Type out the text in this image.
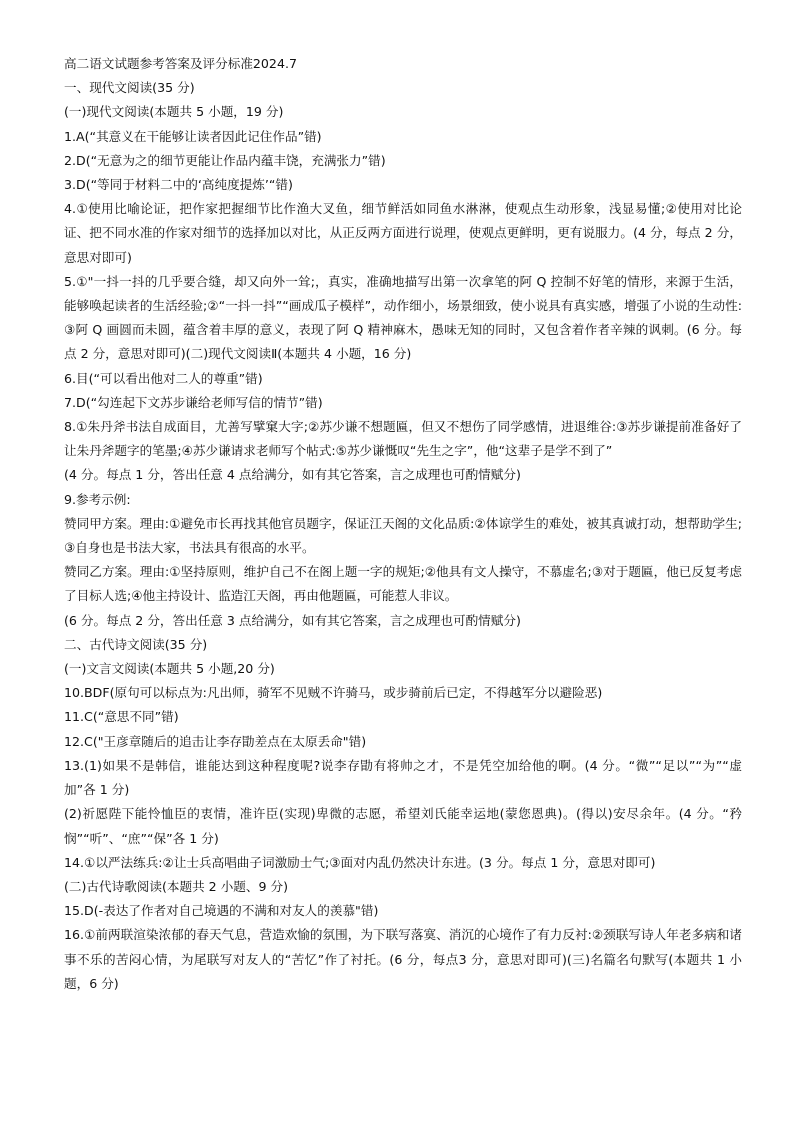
高二语文试题参考答案及评分标准2024.7
一、现代文阅读(35 分)
(一)现代文阅读(本题共 5 小题，19 分)
1.A(“其意义在干能够让读者因此记住作品”错)
2.D(“无意为之的细节更能让作品内蕴丰饶，充满张力”错)
3.D(“等同于材料二中的‘高纯度提炼’“错)
4.①使用比喻论证，把作家把握细节比作渔大叉鱼，细节鲜活如同鱼水淋淋，使观点生动形象，浅显易懂;②使用对比论证、把不同水准的作家对细节的选择加以对比，从正反两方面进行说理，使观点更鲜明，更有说服力。(4 分，每点 2 分，意思对即可)
5.①"一抖一抖的几乎要合缝，却又向外一耸;，真实，准确地描写出第一次拿笔的阿 Q 控制不好笔的情形，来源于生活，能够唤起读者的生活经验;②“一抖一抖”“画成瓜子模样”，动作细小，场景细致，使小说具有真实感，增强了小说的生动性:③阿 Q 画圆而未圆，蕴含着丰厚的意义，表现了阿 Q 精神麻木，愚味无知的同时，又包含着作者辛辣的讽刺。(6 分。每点 2 分，意思对即可)(二)现代文阅读Ⅱ(本题共 4 小题，16 分)
6.目(“可以看出他对二人的尊重”错)
7.D(“勾连起下文苏步谦给老师写信的情节”错)
8.①朱丹斧书法自成面目，尤善写擘窠大字;②苏少谦不想题匾，但又不想伤了同学感情，进退维谷:③苏步谦提前准备好了让朱丹斧题字的笔墨;④苏少谦请求老师写个帖式:⑤苏少谦慨叹“先生之字”，他“这辈子是学不到了”
(4 分。每点 1 分，答出任意 4 点给满分，如有其它答案，言之成理也可酌情赋分)
9.参考示例:
赞同甲方案。理由:①避免市长再找其他官员题字，保证江天阁的文化品质:②体谅学生的难处，被其真诚打动，想帮助学生;③自身也是书法大家，书法具有很高的水平。
赞同乙方案。理由:①坚持原则，维护自己不在阁上题一字的规矩;②他具有文人操守，不慕虚名;③对于题匾，他已反复考虑了目标人选;④他主持设计、监造江天阁，再由他题匾，可能惹人非议。
(6 分。每点 2 分，答出任意 3 点给满分，如有其它答案，言之成理也可酌情赋分)
二、古代诗文阅读(35 分)
(一)文言文阅读(本题共 5 小题,20 分)
10.BDF(原句可以标点为:凡出师，骑军不见贼不许骑马，或步骑前后已定，不得越军分以避险恶)
11.C(“意思不同”错)
12.C("王彦章随后的追击让李存勖差点在太原丢命"错)
13.(1)如果不是韩信，谁能达到这种程度呢?说李存勖有将帅之才，不是凭空加给他的啊。(4 分。“微”“足以”“为”“虚加”各 1 分)
(2)祈愿陛下能怜恤臣的衷情，准许臣(实现)卑微的志愿，希望刘氏能幸运地(蒙您恩典)。(得以)安尽余年。(4 分。“矜悯”“听”、“庶”“保”各 1 分)
14.①以严法练兵:②让士兵高唱曲子词激励士气;③面对内乱仍然决计东进。(3 分。每点 1 分，意思对即可)
(二)古代诗歌阅读(本题共 2 小题、9 分)
15.D(-表达了作者对自己境遇的不满和对友人的羡慕"错)
16.①前两联渲染浓郁的春天气息，营造欢愉的氛围，为下联写落寞、消沉的心境作了有力反衬:②颈联写诗人年老多病和诸事不乐的苦闷心情，为尾联写对友人的“苦忆”作了衬托。(6 分，每点3 分，意思对即可)(三)名篇名句默写(本题共 1 小题，6 分)
